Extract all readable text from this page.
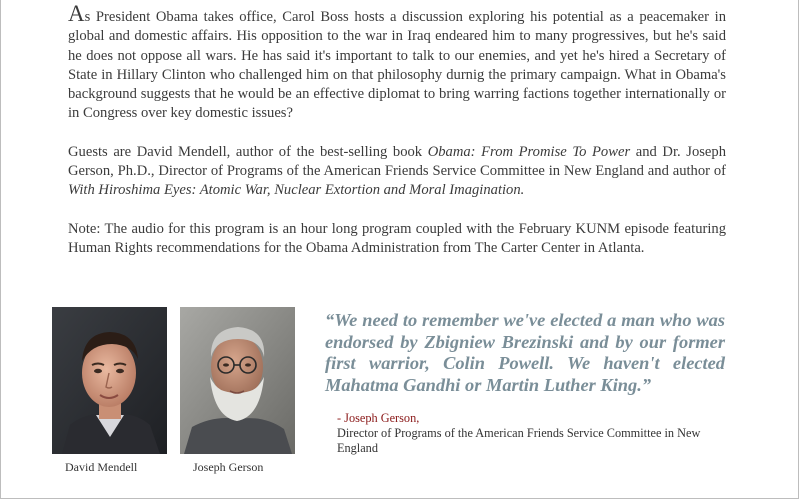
As President Obama takes office, Carol Boss hosts a discussion exploring his potential as a peacemaker in global and domestic affairs. His opposition to the war in Iraq endeared him to many progressives, but he's said he does not oppose all wars. He has said it's important to talk to our enemies, and yet he's hired a Secretary of State in Hillary Clinton who challenged him on that philosophy durnig the primary campaign. What in Obama's background suggests that he would be an effective diplomat to bring warring factions together internationally or in Congress over key domestic issues?

Guests are David Mendell, author of the best-selling book Obama: From Promise To Power and Dr. Joseph Gerson, Ph.D., Director of Programs of the American Friends Service Committee in New England and author of With Hiroshima Eyes: Atomic War, Nuclear Extortion and Moral Imagination.

Note: The audio for this program is an hour long program coupled with the February KUNM episode featuring Human Rights recommendations for the Obama Administration from The Carter Center in Atlanta.

David Mendell	Joseph Gerson
“We need to remember we've elected a man who was endorsed by Zbigniew Brezinski and by our former first warrior, Colin Powell. We haven't elected Mahatma Gandhi or Martin Luther King.”
- Joseph Gerson,
Director of Programs of the American Friends Service Committee in New England
